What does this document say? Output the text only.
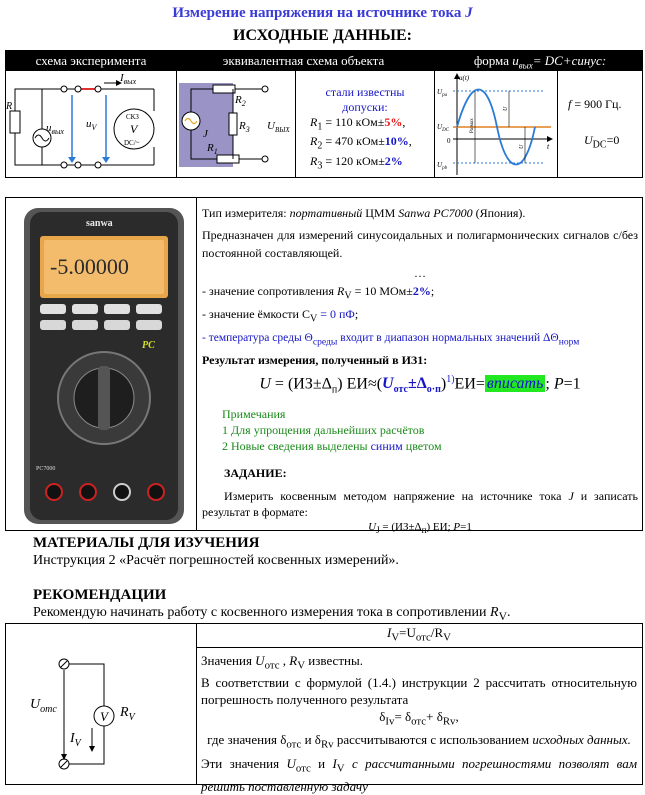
Измерение напряжения на источнике тока J
ИСХОДНЫЕ ДАННЫЕ:
схема эксперимента	эквивалентная схема объекта	форма $u_{вых}=$ DC+синус:
R
$I_{вых}$
$u_{вых}$
$u_V$
СКЗ
V
DC/~
$R_2$
$R_3$
$R_1$
J
$U_{ВЫХ}$
стали известны допуски:
$R_1 = 110$ кОм±5%,
$R_2 = 470$ кОм±10%,
$R_3 = 120$ кОм±2%
u(t)
$U_{pa}$
$U_{DC}$
0
$U_{pb}$
t
Размах
U
U
f = 900 Гц.
$U_{DC}=0$
sanwa
-5.00000
PC
PC7000
Тип измерителя: портативный ЦММ Sanwa PC7000 (Япония).
Предназначен для измерений синусоидальных и полигармонических сигналов с/без постоянной составляющей.
…
- значение сопротивления $R_V = 10$ МОм±2%;
- значение ёмкости $C_V = 0$ пФ;
- температура среды $\Theta_{среды}$ входит в диапазон нормальных значений $\Delta\Theta_{норм}$
Результат измерения, полученный в ИЗ1:
$U = (ИЗ\pm\Delta_п)$ $ЕИ\approx(U_{отс}\pm\Delta_{о\cdot п})^{1)}ЕИ=$ вписать ; P=1
Примечания
1 Для упрощения дальнейших расчётов
2 Новые сведения выделены синим цветом
ЗАДАНИЕ:
Измерить косвенным методом напряжение на источнике тока J и записать результат в формате:
$U_J = (ИЗ\pm\Delta_п)$ ЕИ; P=1
МАТЕРИАЛЫ ДЛЯ ИЗУЧЕНИЯ
Инструкция 2 «Расчёт погрешностей косвенных измерений».
РЕКОМЕНДАЦИИ
Рекомендую начинать работу с косвенного измерения тока в сопротивлении $R_V$.
$U_{отс}$	V $R_V$
$I_V$
$I_V=U_{отс}/R_V$
Значения $U_{отс}$ , $R_V$ известны.
В соответствии с формулой (1.4.) инструкции 2 рассчитать относительную погрешность полученного результата
$\delta_{Iv}= \delta_{отс}+ \delta_{Rv}$,
где значения $\delta_{отс}$ и $\delta_{Rv}$ рассчитываются с использованием исходных данных.
Эти значения $U_{отс}$ и $I_V$ с рассчитанными погрешностями позволят вам решить поставленную задачу
